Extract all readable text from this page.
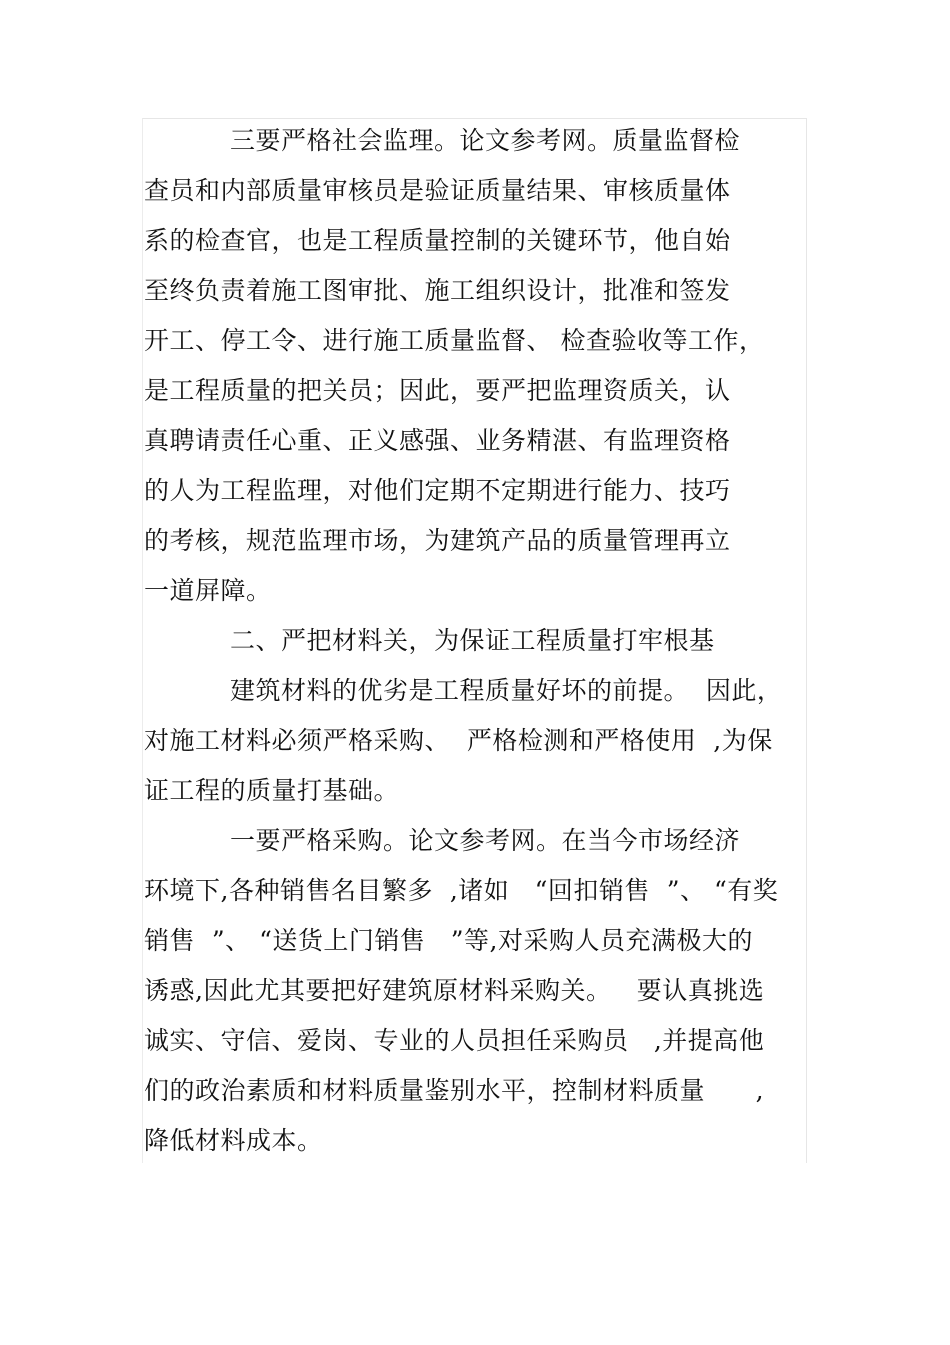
三要严格社会监理。论文参考网。质量监督检
查员和内部质量审核员是验证质量结果、审核质量体
系的检查官，也是工程质量控制的关键环节，他自始
至终负责着施工图审批、施工组织设计，批准和签发
开工、停工令、进行施工质量监督、 检查验收等工作，
是工程质量的把关员；因此，要严把监理资质关，认
真聘请责任心重、正义感强、业务精湛、有监理资格
的人为工程监理，对他们定期不定期进行能力、技巧
的考核，规范监理市场，为建筑产品的质量管理再立
一道屏障。
二、严把材料关，为保证工程质量打牢根基
建筑材料的优劣是工程质量好坏的前提。  因此，
对施工材料必须严格采购、  严格检测和严格使用  ,为保
证工程的质量打基础。
一要严格采购。论文参考网。在当今市场经济
环境下,各种销售名目繁多  ,诸如   “回扣销售  ”、 “有奖
销售  ”、 “送货上门销售   ”等,对采购人员充满极大的
诱惑,因此尤其要把好建筑原材料采购关。   要认真挑选
诚实、守信、爱岗、专业的人员担任采购员   ,并提高他
们的政治素质和材料质量鉴别水平，控制材料质量      ,
降低材料成本。
